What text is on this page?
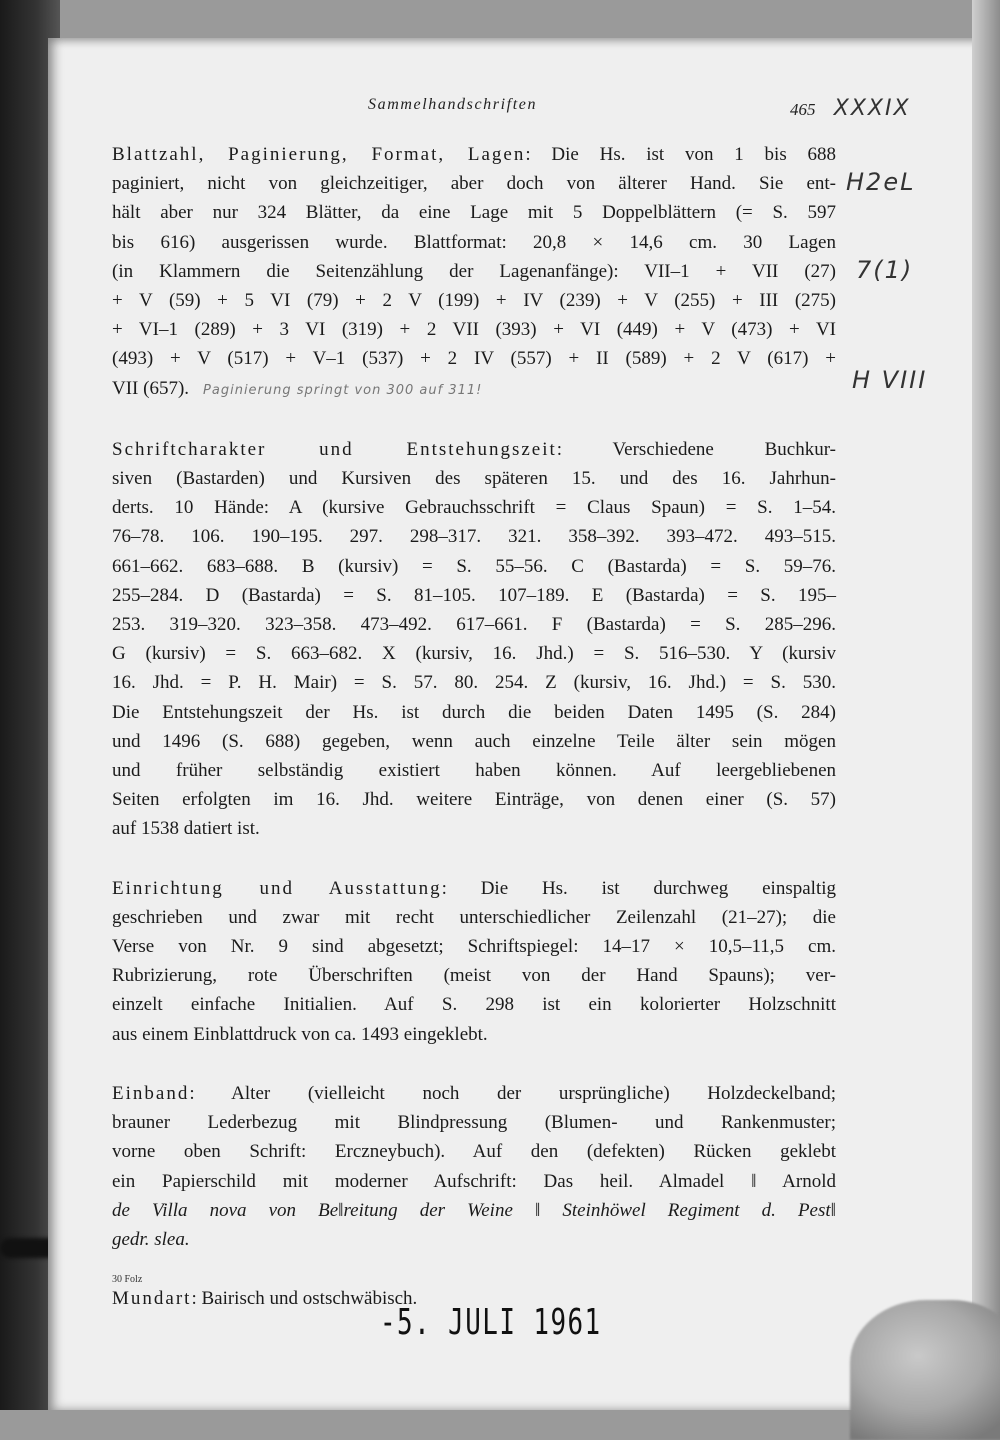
Sammelhandschriften	465 XXXIX
H2eL
7(1)
H VIII
Blattzahl, Paginierung, Format, Lagen: Die Hs. ist von 1 bis 688
paginiert, nicht von gleichzeitiger, aber doch von älterer Hand. Sie ent-
hält aber nur 324 Blätter, da eine Lage mit 5 Doppelblättern (= S. 597
bis 616) ausgerissen wurde. Blattformat: 20,8 × 14,6 cm. 30 Lagen
(in Klammern die Seitenzählung der Lagenanfänge): VII–1 + VII (27)
+ V (59) + 5 VI (79) + 2 V (199) + IV (239) + V (255) + III (275)
+ VI–1 (289) + 3 VI (319) + 2 VII (393) + VI (449) + V (473) + VI
(493) + V (517) + V–1 (537) + 2 IV (557) + II (589) + 2 V (617) +
VII (657). Paginierung springt von 300 auf 311!
Schriftcharakter und Entstehungszeit: Verschiedene Buchkur-
siven (Bastarden) und Kursiven des späteren 15. und des 16. Jahrhun-
derts. 10 Hände: A (kursive Gebrauchsschrift = Claus Spaun) = S. 1–54.
76–78. 106. 190–195. 297. 298–317. 321. 358–392. 393–472. 493–515.
661–662. 683–688. B (kursiv) = S. 55–56. C (Bastarda) = S. 59–76.
255–284. D (Bastarda) = S. 81–105. 107–189. E (Bastarda) = S. 195–
253. 319–320. 323–358. 473–492. 617–661. F (Bastarda) = S. 285–296.
G (kursiv) = S. 663–682. X (kursiv, 16. Jhd.) = S. 516–530. Y (kursiv
16. Jhd. = P. H. Mair) = S. 57. 80. 254. Z (kursiv, 16. Jhd.) = S. 530.
Die Entstehungszeit der Hs. ist durch die beiden Daten 1495 (S. 284)
und 1496 (S. 688) gegeben, wenn auch einzelne Teile älter sein mögen
und früher selbständig existiert haben können. Auf leergebliebenen
Seiten erfolgten im 16. Jhd. weitere Einträge, von denen einer (S. 57)
auf 1538 datiert ist.
Einrichtung und Ausstattung: Die Hs. ist durchweg einspaltig
geschrieben und zwar mit recht unterschiedlicher Zeilenzahl (21–27); die
Verse von Nr. 9 sind abgesetzt; Schriftspiegel: 14–17 × 10,5–11,5 cm.
Rubrizierung, rote Überschriften (meist von der Hand Spauns); ver-
einzelt einfache Initialien. Auf S. 298 ist ein kolorierter Holzschnitt
aus einem Einblattdruck von ca. 1493 eingeklebt.
Einband: Alter (vielleicht noch der ursprüngliche) Holzdeckelband;
brauner Lederbezug mit Blindpressung (Blumen- und Rankenmuster;
vorne oben Schrift: Erczneybuch). Auf den (defekten) Rücken geklebt
ein Papierschild mit moderner Aufschrift: Das heil. Almadel ‖ Arnold
de Villa nova von Be‖reitung der Weine ‖ Steinhöwel Regiment d. Pest‖
gedr. slea.
Mundart: Bairisch und ostschwäbisch.
30 Folz
-5. JULI 1961
